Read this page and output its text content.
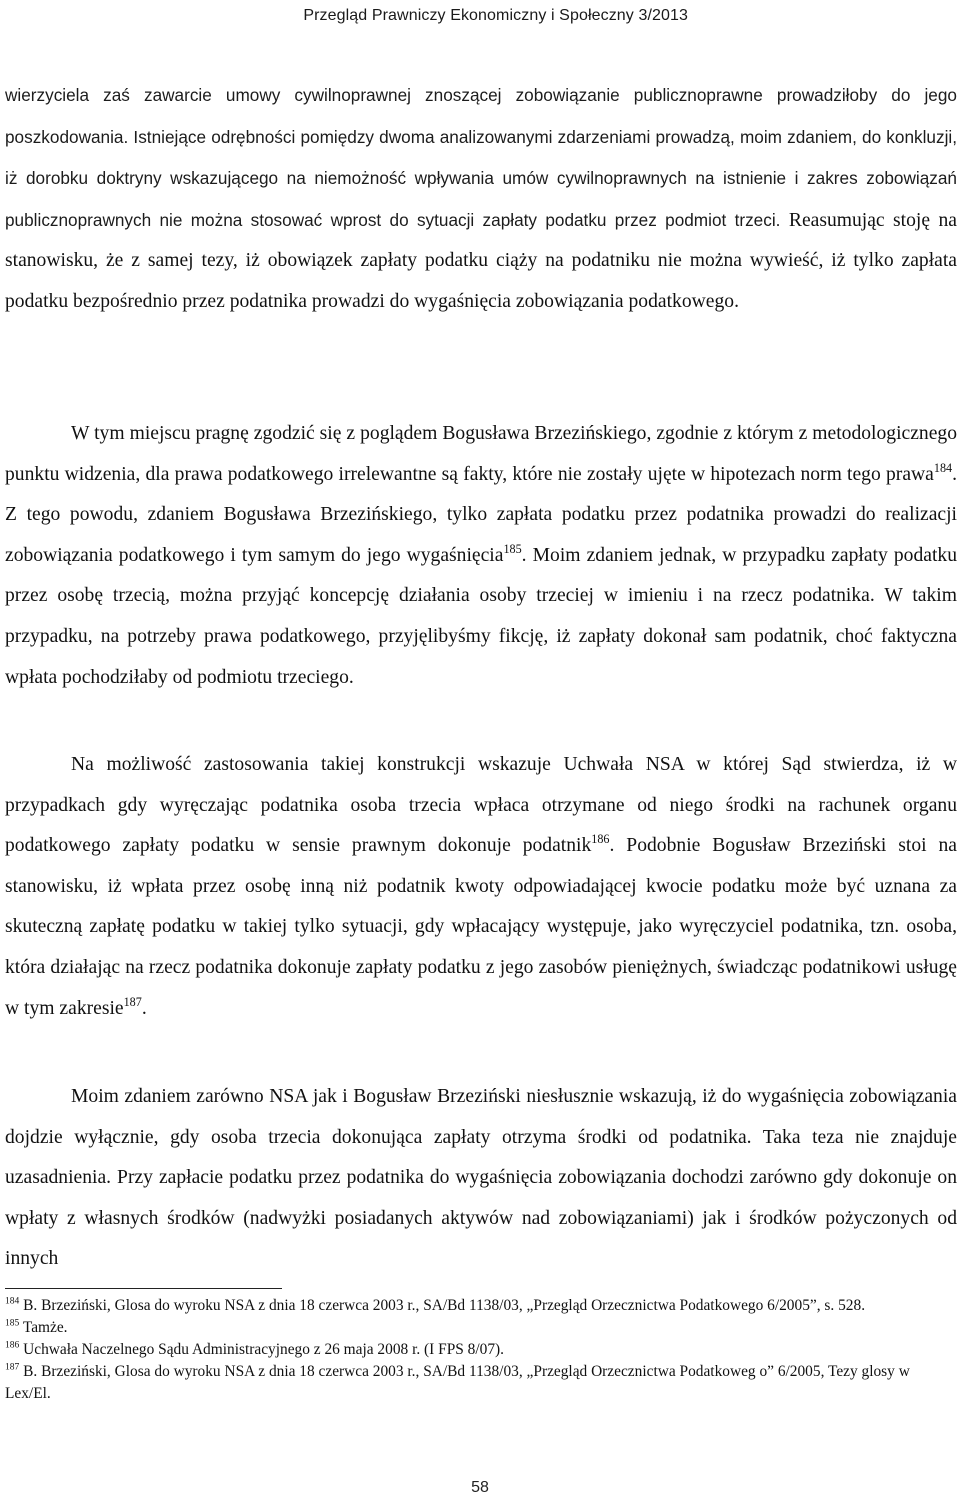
Przegląd Prawniczy Ekonomiczny i Społeczny 3/2013

wierzyciela zaś zawarcie umowy cywilnoprawnej znoszącej zobowiązanie publicznoprawne prowadziłoby do jego poszkodowania. Istniejące odrębności pomiędzy dwoma analizowanymi zdarzeniami prowadzą, moim zdaniem, do konkluzji, iż dorobku doktryny wskazującego na niemożność wpływania umów cywilnoprawnych na istnienie i zakres zobowiązań publicznoprawnych nie można stosować wprost do sytuacji zapłaty podatku przez podmiot trzeci. Reasumując stoję na stanowisku, że z samej tezy, iż obowiązek zapłaty podatku ciąży na podatniku nie można wywieść, iż tylko zapłata podatku bezpośrednio przez podatnika prowadzi do wygaśnięcia zobowiązania podatkowego.

W tym miejscu pragnę zgodzić się z poglądem Bogusława Brzezińskiego, zgodnie z którym z metodologicznego punktu widzenia, dla prawa podatkowego irrelewantne są fakty, które nie zostały ujęte w hipotezach norm tego prawa$^{184}$. Z tego powodu, zdaniem Bogusława Brzezińskiego, tylko zapłata podatku przez podatnika prowadzi do realizacji zobowiązania podatkowego i tym samym do jego wygaśnięcia$^{185}$. Moim zdaniem jednak, w przypadku zapłaty podatku przez osobę trzecią, można przyjąć koncepcję działania osoby trzeciej w imieniu i na rzecz podatnika. W takim przypadku, na potrzeby prawa podatkowego, przyjęlibyśmy fikcję, iż zapłaty dokonał sam podatnik, choć faktyczna wpłata pochodziłaby od podmiotu trzeciego.

Na możliwość zastosowania takiej konstrukcji wskazuje Uchwała NSA w której Sąd stwierdza, iż w przypadkach gdy wyręczając podatnika osoba trzecia wpłaca otrzymane od niego środki na rachunek organu podatkowego zapłaty podatku w sensie prawnym dokonuje podatnik$^{186}$. Podobnie Bogusław Brzeziński stoi na stanowisku, iż wpłata przez osobę inną niż podatnik kwoty odpowiadającej kwocie podatku może być uznana za skuteczną zapłatę podatku w takiej tylko sytuacji, gdy wpłacający występuje, jako wyręczyciel podatnika, tzn. osoba, która działając na rzecz podatnika dokonuje zapłaty podatku z jego zasobów pieniężnych, świadcząc podatnikowi usługę w tym zakresie$^{187}$.

Moim zdaniem zarówno NSA jak i Bogusław Brzeziński niesłusznie wskazują, iż do wygaśnięcia zobowiązania dojdzie wyłącznie, gdy osoba trzecia dokonująca zapłaty otrzyma środki od podatnika. Taka teza nie znajduje uzasadnienia. Przy zapłacie podatku przez podatnika do wygaśnięcia zobowiązania dochodzi zarówno gdy dokonuje on wpłaty z własnych środków (nadwyżki posiadanych aktywów nad zobowiązaniami) jak i środków pożyczonych od innych

$^{184}$ B. Brzeziński, Glosa do wyroku NSA z dnia 18 czerwca 2003 r., SA/Bd 1138/03, „Przegląd Orzecznictwa Podatkowego 6/2005”, s. 528.

$^{185}$ Tamże.

$^{186}$ Uchwała Naczelnego Sądu Administracyjnego z 26 maja 2008 r. (I FPS 8/07).

$^{187}$ B. Brzeziński, Glosa do wyroku NSA z dnia 18 czerwca 2003 r., SA/Bd 1138/03, „Przegląd Orzecznictwa Podatkoweg o” 6/2005, Tezy glosy w Lex/El.

58
